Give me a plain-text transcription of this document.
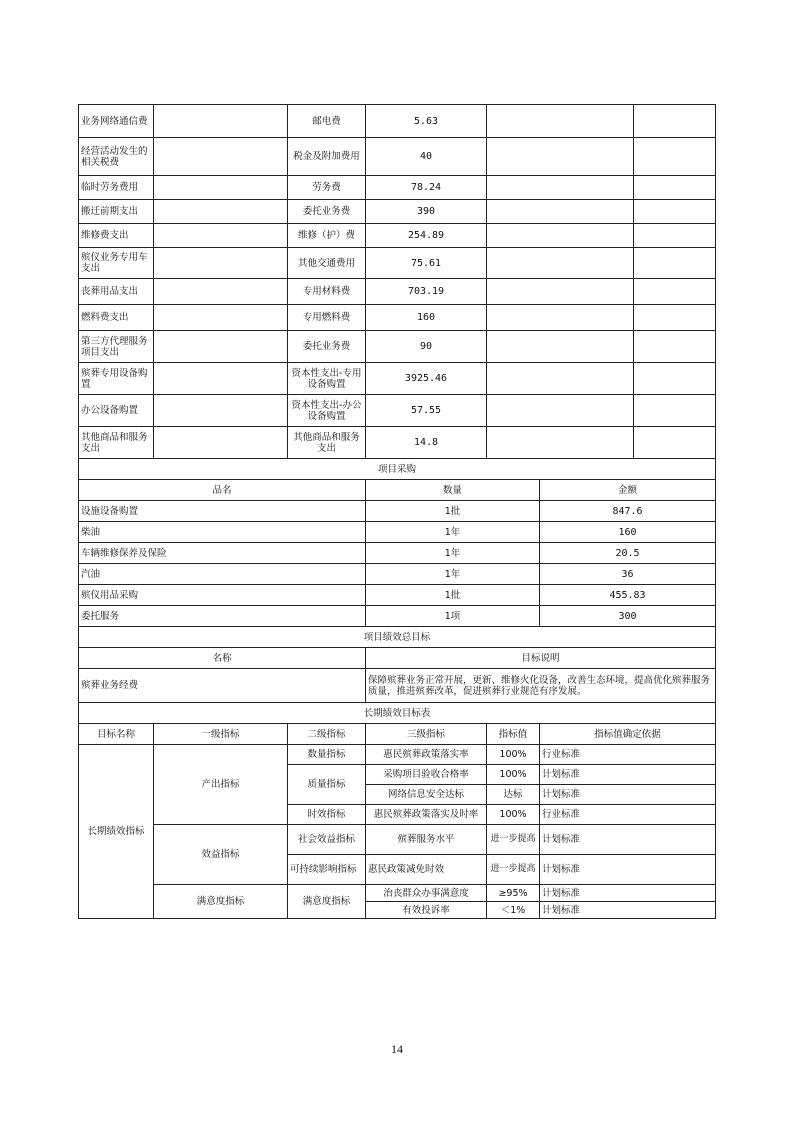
业务网络通信费		邮电费	5.63			
经营活动发生的相关税费		税金及附加费用	40			
临时劳务费用		劳务费	78.24			
搬迁前期支出		委托业务费	390			
维修费支出		维修（护）费	254.89			
殡仪业务专用车支出		其他交通费用	75.61			
丧葬用品支出		专用材料费	703.19			
燃料费支出		专用燃料费	160			
第三方代理服务项目支出		委托业务费	90			
殡葬专用设备购置		资本性支出-专用设备购置	3925.46			
办公设备购置		资本性支出-办公设备购置	57.55			
其他商品和服务支出		其他商品和服务支出	14.8			
项目采购						
品名			数量		金额	
设施设备购置			1批		847.6	
柴油			1年		160	
车辆维修保养及保险			1年		20.5	
汽油			1年		36	
殡仪用品采购			1批		455.83	
委托服务			1项		300	
项目绩效总目标						
名称			目标说明			
殡葬业务经费			保障殡葬业务正常开展，更新、维修火化设备，改善生态环境，提高优化殡葬服务质量，推进殡葬改革，促进殡葬行业规范有序发展。			
长期绩效目标表						
目标名称	一级指标	二级指标	三级指标	指标值	指标值确定依据	
长期绩效指标	产出指标	数量指标	惠民殡葬政策落实率	100%	行业标准	
		质量指标	采购项目验收合格率	100%	计划标准	
			网络信息安全达标	达标	计划标准	
		时效指标	惠民殡葬政策落实及时率	100%	行业标准	
	效益指标	社会效益指标	殡葬服务水平	进一步提高	计划标准	
		可持续影响指标	惠民政策减免时效	进一步提高	计划标准	
	满意度指标	满意度指标	治丧群众办事满意度	≥95%	计划标准	
			有效投诉率	＜1%	计划标准	
14
